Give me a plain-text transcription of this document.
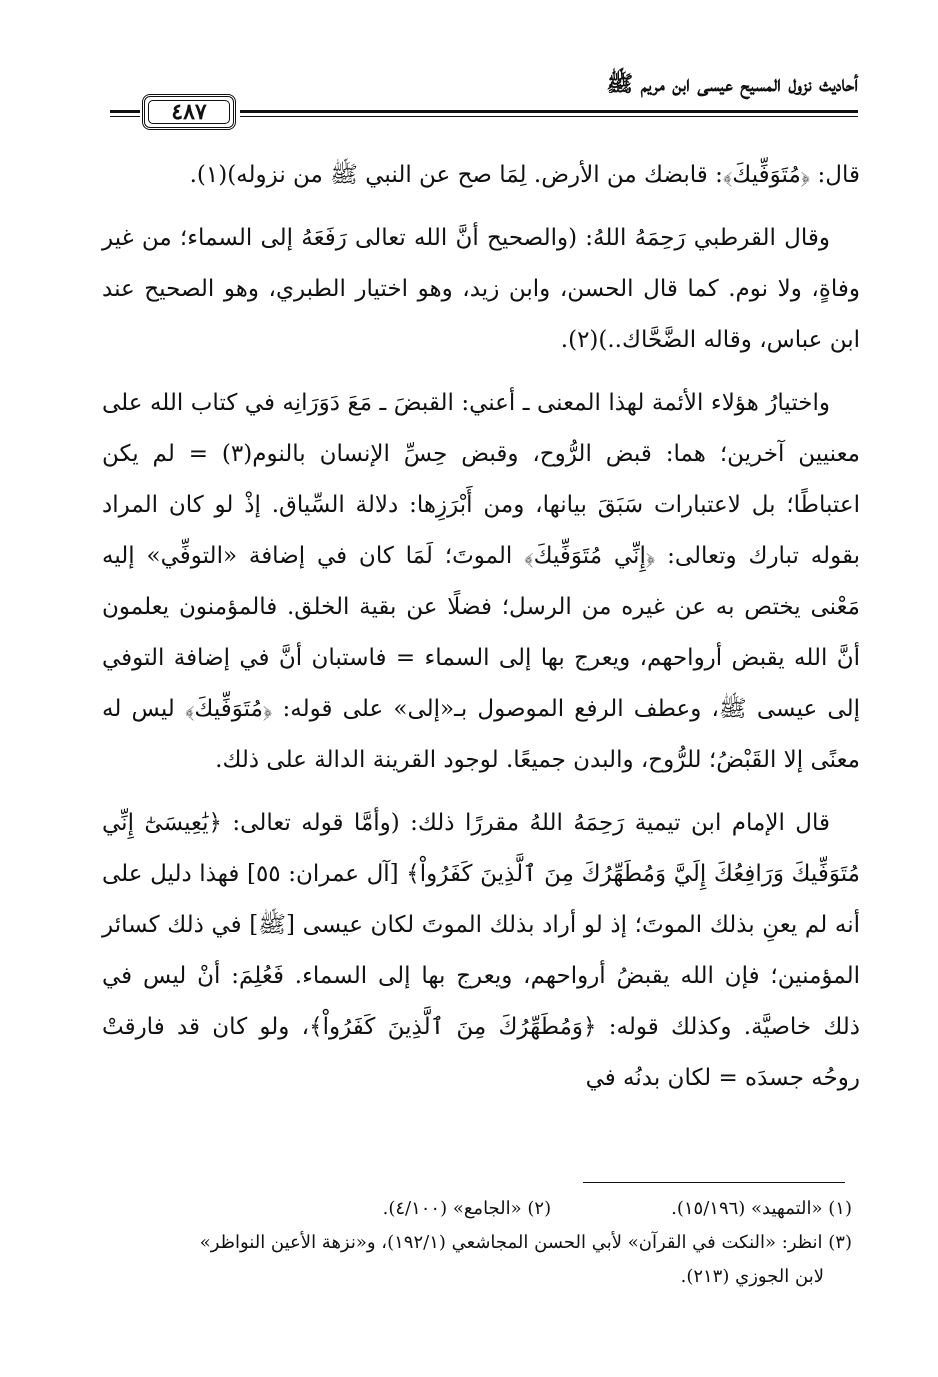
أحاديث نزول المسيح عيسى ابن مريم ﷺ
٤٨٧

قال: ﴿مُتَوَفِّيكَ﴾: قابضك من الأرض. لِمَا صح عن النبي ﷺ من نزوله)(١).

وقال القرطبي رَحِمَهُ اللهُ: (والصحيح أنَّ الله تعالى رَفَعَهُ إلى السماء؛ من غير وفاةٍ، ولا نوم. كما قال الحسن، وابن زيد، وهو اختيار الطبري، وهو الصحيح عند ابن عباس، وقاله الضَّحَّاك..)(٢).

واختيارُ هؤلاء الأئمة لهذا المعنى ـ أعني: القبضَ ـ مَعَ دَوَرَانِه في كتاب الله على معنيين آخرين؛ هما: قبض الرُّوح، وقبض حِسِّ الإنسان بالنوم(٣) = لم يكن اعتباطًا؛ بل لاعتبارات سَبَقَ بيانها، ومن أَبْرَزِها: دلالة السِّياق. إذْ لو كان المراد بقوله تبارك وتعالى: ﴿إِنِّي مُتَوَفِّيكَ﴾ الموتَ؛ لَمَا كان في إضافة «التوفِّي» إليه مَعْنى يختص به عن غيره من الرسل؛ فضلًا عن بقية الخلق. فالمؤمنون يعلمون أنَّ الله يقبض أرواحهم، ويعرج بها إلى السماء = فاستبان أنَّ في إضافة التوفي إلى عيسى ﷺ، وعطف الرفع الموصول بـ«إلى» على قوله: ﴿مُتَوَفِّيكَ﴾ ليس له معنًى إلا القَبْضُ؛ للرُّوح، والبدن جميعًا. لوجود القرينة الدالة على ذلك.

قال الإمام ابن تيمية رَحِمَهُ اللهُ مقررًا ذلك: (وأمَّا قوله تعالى: ﴿يَٰعِيسَىٰٓ إِنِّي مُتَوَفِّيكَ وَرَافِعُكَ إِلَيَّ وَمُطَهِّرُكَ مِنَ ٱلَّذِينَ كَفَرُواْ﴾ [آل عمران: ٥٥] فهذا دليل على أنه لم يعنِ بذلك الموتَ؛ إذ لو أراد بذلك الموتَ لكان عيسى [ﷺ] في ذلك كسائر المؤمنين؛ فإن الله يقبضُ أرواحهم، ويعرج بها إلى السماء. فَعُلِمَ: أنْ ليس في ذلك خاصيَّة. وكذلك قوله: ﴿وَمُطَهِّرُكَ مِنَ ٱلَّذِينَ كَفَرُواْ﴾، ولو كان قد فارقتْ روحُه جسدَه = لكان بدنُه في

(١) «التمهيد» (١٥/١٩٦).
(٢) «الجامع» (٤/١٠٠).
(٣) انظر: «النكت في القرآن» لأبي الحسن المجاشعي (١٩٢/١)، و«نزهة الأعين النواظر»
لابن الجوزي (٢١٣).
